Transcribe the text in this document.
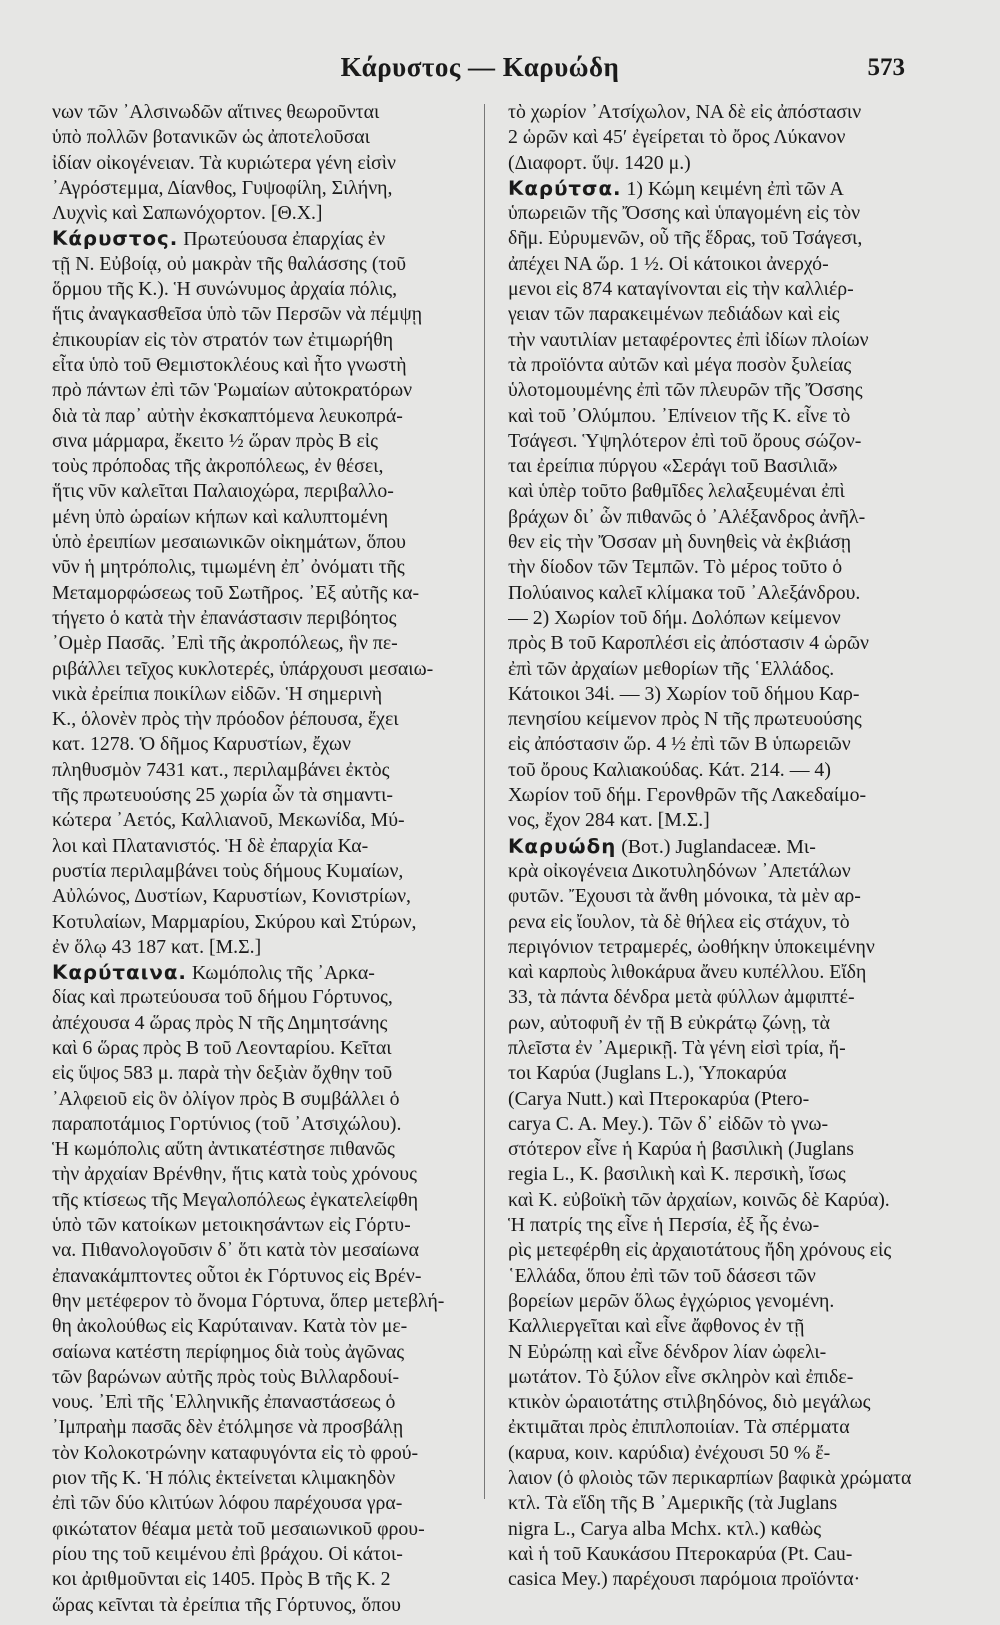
Κάρυστος — Καρυώδη	573
νων τῶν ᾽Αλσινωδῶν αἵτινες θεωροῦνται
ὑπὸ πολλῶν βοτανικῶν ὡς ἀποτελοῦσαι
ἰδίαν οἰκογένειαν. Τὰ κυριώτερα γένη εἰσὶν
᾽Αγρόστεμμα, Δίανθος, Γυψοφίλη, Σιλήνη,
Λυχνὶς καὶ Σαπωνόχορτον. [Θ.Χ.]
Κάρυστος. Πρωτεύουσα ἐπαρχίας ἐν
τῇ Ν. Εὐβοίᾳ, οὐ μακρὰν τῆς θαλάσσης (τοῦ
ὅρμου τῆς Κ.). Ἡ συνώνυμος ἀρχαία πόλις,
ἥτις ἀναγκασθεῖσα ὑπὸ τῶν Περσῶν νὰ πέμψῃ
ἐπικουρίαν εἰς τὸν στρατόν των ἐτιμωρήθη
εἶτα ὑπὸ τοῦ Θεμιστοκλέους καὶ ἦτο γνωστὴ
πρὸ πάντων ἐπὶ τῶν Ῥωμαίων αὐτοκρατόρων
διὰ τὰ παρ᾽ αὐτὴν ἐκσκαπτόμενα λευκοπρά-
σινα μάρμαρα, ἔκειτο ½ ὥραν πρὸς Β εἰς
τοὺς πρόποδας τῆς ἀκροπόλεως, ἐν θέσει,
ἥτις νῦν καλεῖται Παλαιοχώρα, περιβαλλο-
μένη ὑπὸ ὡραίων κήπων καὶ καλυπτομένη
ὑπὸ ἐρειπίων μεσαιωνικῶν οἰκημάτων, ὅπου
νῦν ἡ μητρόπολις, τιμωμένη ἐπ᾽ ὀνόματι τῆς
Μεταμορφώσεως τοῦ Σωτῆρος. ᾽Εξ αὐτῆς κα-
τήγετο ὁ κατὰ τὴν ἐπανάστασιν περιβόητος
᾽Ομὲρ Πασᾶς. ᾽Επὶ τῆς ἀκροπόλεως, ἣν πε-
ριβάλλει τεῖχος κυκλοτερές, ὑπάρχουσι μεσαιω-
νικὰ ἐρείπια ποικίλων εἰδῶν. Ἡ σημερινὴ
Κ., ὁλονὲν πρὸς τὴν πρόοδον ῥέπουσα, ἔχει
κατ. 1278. Ὁ δῆμος Καρυστίων, ἔχων
πληθυσμὸν 7431 κατ., περιλαμβάνει ἐκτὸς
τῆς πρωτευούσης 25 χωρία ὧν τὰ σημαντι-
κώτερα ᾽Αετός, Καλλιανοῦ, Μεκωνίδα, Μύ-
λοι καὶ Πλατανιστός. Ἡ δὲ ἐπαρχία Κα-
ρυστία περιλαμβάνει τοὺς δήμους Κυμαίων,
Αὐλώνος, Δυστίων, Καρυστίων, Κονιστρίων,
Κοτυλαίων, Μαρμαρίου, Σκύρου καὶ Στύρων,
ἐν ὅλῳ 43 187 κατ. [Μ.Σ.]
Καρύταινα. Κωμόπολις τῆς ᾽Αρκα-
δίας καὶ πρωτεύουσα τοῦ δήμου Γόρτυνος,
ἀπέχουσα 4 ὥρας πρὸς Ν τῆς Δημητσάνης
καὶ 6 ὥρας πρὸς Β τοῦ Λεονταρίου. Κεῖται
εἰς ὕψος 583 μ. παρὰ τὴν δεξιὰν ὄχθην τοῦ
᾽Αλφειοῦ εἰς ὃν ὀλίγον πρὸς Β συμβάλλει ὁ
παραποτάμιος Γορτύνιος (τοῦ ᾽Ατσιχώλου).
Ἡ κωμόπολις αὕτη ἀντικατέστησε πιθανῶς
τὴν ἀρχαίαν Βρένθην, ἥτις κατὰ τοὺς χρόνους
τῆς κτίσεως τῆς Μεγαλοπόλεως ἐγκατελείφθη
ὑπὸ τῶν κατοίκων μετοικησάντων εἰς Γόρτυ-
να. Πιθανολογοῦσιν δ᾽ ὅτι κατὰ τὸν μεσαίωνα
ἐπανακάμπτοντες οὗτοι ἐκ Γόρτυνος εἰς Βρέν-
θην μετέφερον τὸ ὄνομα Γόρτυνα, ὅπερ μετεβλή-
θη ἀκολούθως εἰς Καρύταιναν. Κατὰ τὸν με-
σαίωνα κατέστη περίφημος διὰ τοὺς ἀγῶνας
τῶν βαρώνων αὐτῆς πρὸς τοὺς Βιλλαρδουί-
νους. ᾽Επὶ τῆς ῾Ελληνικῆς ἐπαναστάσεως ὁ
᾽Ιμπραὴμ πασᾶς δὲν ἐτόλμησε νὰ προσβάλῃ
τὸν Κολοκοτρώνην καταφυγόντα εἰς τὸ φρού-
ριον τῆς Κ. Ἡ πόλις ἐκτείνεται κλιμακηδὸν
ἐπὶ τῶν δύο κλιτύων λόφου παρέχουσα γρα-
φικώτατον θέαμα μετὰ τοῦ μεσαιωνικοῦ φρου-
ρίου της τοῦ κειμένου ἐπὶ βράχου. Οἱ κάτοι-
κοι ἀριθμοῦνται εἰς 1405. Πρὸς Β τῆς Κ. 2
ὥρας κεῖνται τὰ ἐρείπια τῆς Γόρτυνος, ὅπου
τὸ χωρίον ᾽Ατσίχωλον, ΝΑ δὲ εἰς ἀπόστασιν
2 ὡρῶν καὶ 45′ ἐγείρεται τὸ ὄρος Λύκανον
(Διαφορτ. ὕψ. 1420 μ.)
Καρύτσα. 1) Κώμη κειμένη ἐπὶ τῶν Α
ὑπωρειῶν τῆς Ὄσσης καὶ ὑπαγομένη εἰς τὸν
δῆμ. Εὐρυμενῶν, οὗ τῆς ἕδρας, τοῦ Τσάγεσι,
ἀπέχει ΝΑ ὥρ. 1 ½. Οἱ κάτοικοι ἀνερχό-
μενοι εἰς 874 καταγίνονται εἰς τὴν καλλιέρ-
γειαν τῶν παρακειμένων πεδιάδων καὶ εἰς
τὴν ναυτιλίαν μεταφέροντες ἐπὶ ἰδίων πλοίων
τὰ προϊόντα αὐτῶν καὶ μέγα ποσὸν ξυλείας
ὑλοτομουμένης ἐπὶ τῶν πλευρῶν τῆς Ὄσσης
καὶ τοῦ ᾽Ολύμπου. ᾽Επίνειον τῆς Κ. εἶνε τὸ
Τσάγεσι. Ὑψηλότερον ἐπὶ τοῦ ὄρους σώζον-
ται ἐρείπια πύργου «Σεράγι τοῦ Βασιλιᾶ»
καὶ ὑπὲρ τοῦτο βαθμῖδες λελαξευμέναι ἐπὶ
βράχων δι᾽ ὧν πιθανῶς ὁ ᾽Αλέξανδρος ἀνῆλ-
θεν εἰς τὴν Ὄσσαν μὴ δυνηθεὶς νὰ ἐκβιάσῃ
τὴν δίοδον τῶν Τεμπῶν. Τὸ μέρος τοῦτο ὁ
Πολύαινος καλεῖ κλίμακα τοῦ ᾽Αλεξάνδρου.
— 2) Χωρίον τοῦ δήμ. Δολόπων κείμενον
πρὸς Β τοῦ Καροπλέσι εἰς ἀπόστασιν 4 ὡρῶν
ἐπὶ τῶν ἀρχαίων μεθορίων τῆς ῾Ελλάδος.
Κάτοικοι 34ἱ. — 3) Χωρίον τοῦ δήμου Καρ-
πενησίου κείμενον πρὸς Ν τῆς πρωτευούσης
εἰς ἀπόστασιν ὥρ. 4 ½ ἐπὶ τῶν Β ὑπωρειῶν
τοῦ ὄρους Καλιακούδας. Κάτ. 214. — 4)
Χωρίον τοῦ δήμ. Γερονθρῶν τῆς Λακεδαίμο-
νος, ἔχον 284 κατ. [Μ.Σ.]
Καρυώδη (Βοτ.) Juglandaceæ. Μι-
κρὰ οἰκογένεια Δικοτυληδόνων ᾽Απετάλων
φυτῶν. Ἔχουσι τὰ ἄνθη μόνοικα, τὰ μὲν αρ-
ρενα εἰς ἴουλον, τὰ δὲ θήλεα εἰς στάχυν, τὸ
περιγόνιον τετραμερές, ὠοθήκην ὑποκειμένην
καὶ καρποὺς λιθοκάρυα ἄνευ κυπέλλου. Εἴδη
33, τὰ πάντα δένδρα μετὰ φύλλων ἀμφιπτέ-
ρων, αὐτοφυῆ ἐν τῇ Β εὐκράτῳ ζώνῃ, τὰ
πλεῖστα ἐν ᾽Αμερικῇ. Τὰ γένη εἰσὶ τρία, ἤ-
τοι Καρύα (Juglans L.), Ὑποκαρύα
(Carya Nutt.) καὶ Πτεροκαρύα (Ptero-
carya C. A. Mey.). Τῶν δ᾽ εἰδῶν τὸ γνω-
στότερον εἶνε ἡ Καρύα ἡ βασιλικὴ (Juglans
regia L., Κ. βασιλικὴ καὶ Κ. περσικὴ, ἴσως
καὶ Κ. εὐβοϊκὴ τῶν ἀρχαίων, κοινῶς δὲ Καρύα).
Ἡ πατρίς της εἶνε ἡ Περσία, ἐξ ἧς ἐνω-
ρὶς μετεφέρθη εἰς ἀρχαιοτάτους ἤδη χρόνους εἰς
῾Ελλάδα, ὅπου ἐπὶ τῶν τοῦ δάσεσι τῶν
βορείων μερῶν ὅλως ἐγχώριος γενομένη.
Καλλιεργεῖται καὶ εἶνε ἄφθονος ἐν τῇ
Ν Εὐρώπῃ καὶ εἶνε δένδρον λίαν ὠφελι-
μωτάτον. Τὸ ξύλον εἶνε σκληρὸν καὶ ἐπιδε-
κτικὸν ὡραιοτάτης στιλβηδόνος, διὸ μεγάλως
ἐκτιμᾶται πρὸς ἐπιπλοποιίαν. Τὰ σπέρματα
(καρυα, κοιν. καρύδια) ἐνέχουσι 50 % ἔ-
λαιον (ὁ φλοιὸς τῶν περικαρπίων βαφικὰ χρώματα
κτλ. Τὰ εἴδη τῆς Β ᾽Αμερικῆς (τὰ Juglans
nigra L., Carya alba Mchx. κτλ.) καθὼς
καὶ ἡ τοῦ Καυκάσου Πτεροκαρύα (Pt. Cau-
casica Mey.) παρέχουσι παρόμοια προϊόντα·
